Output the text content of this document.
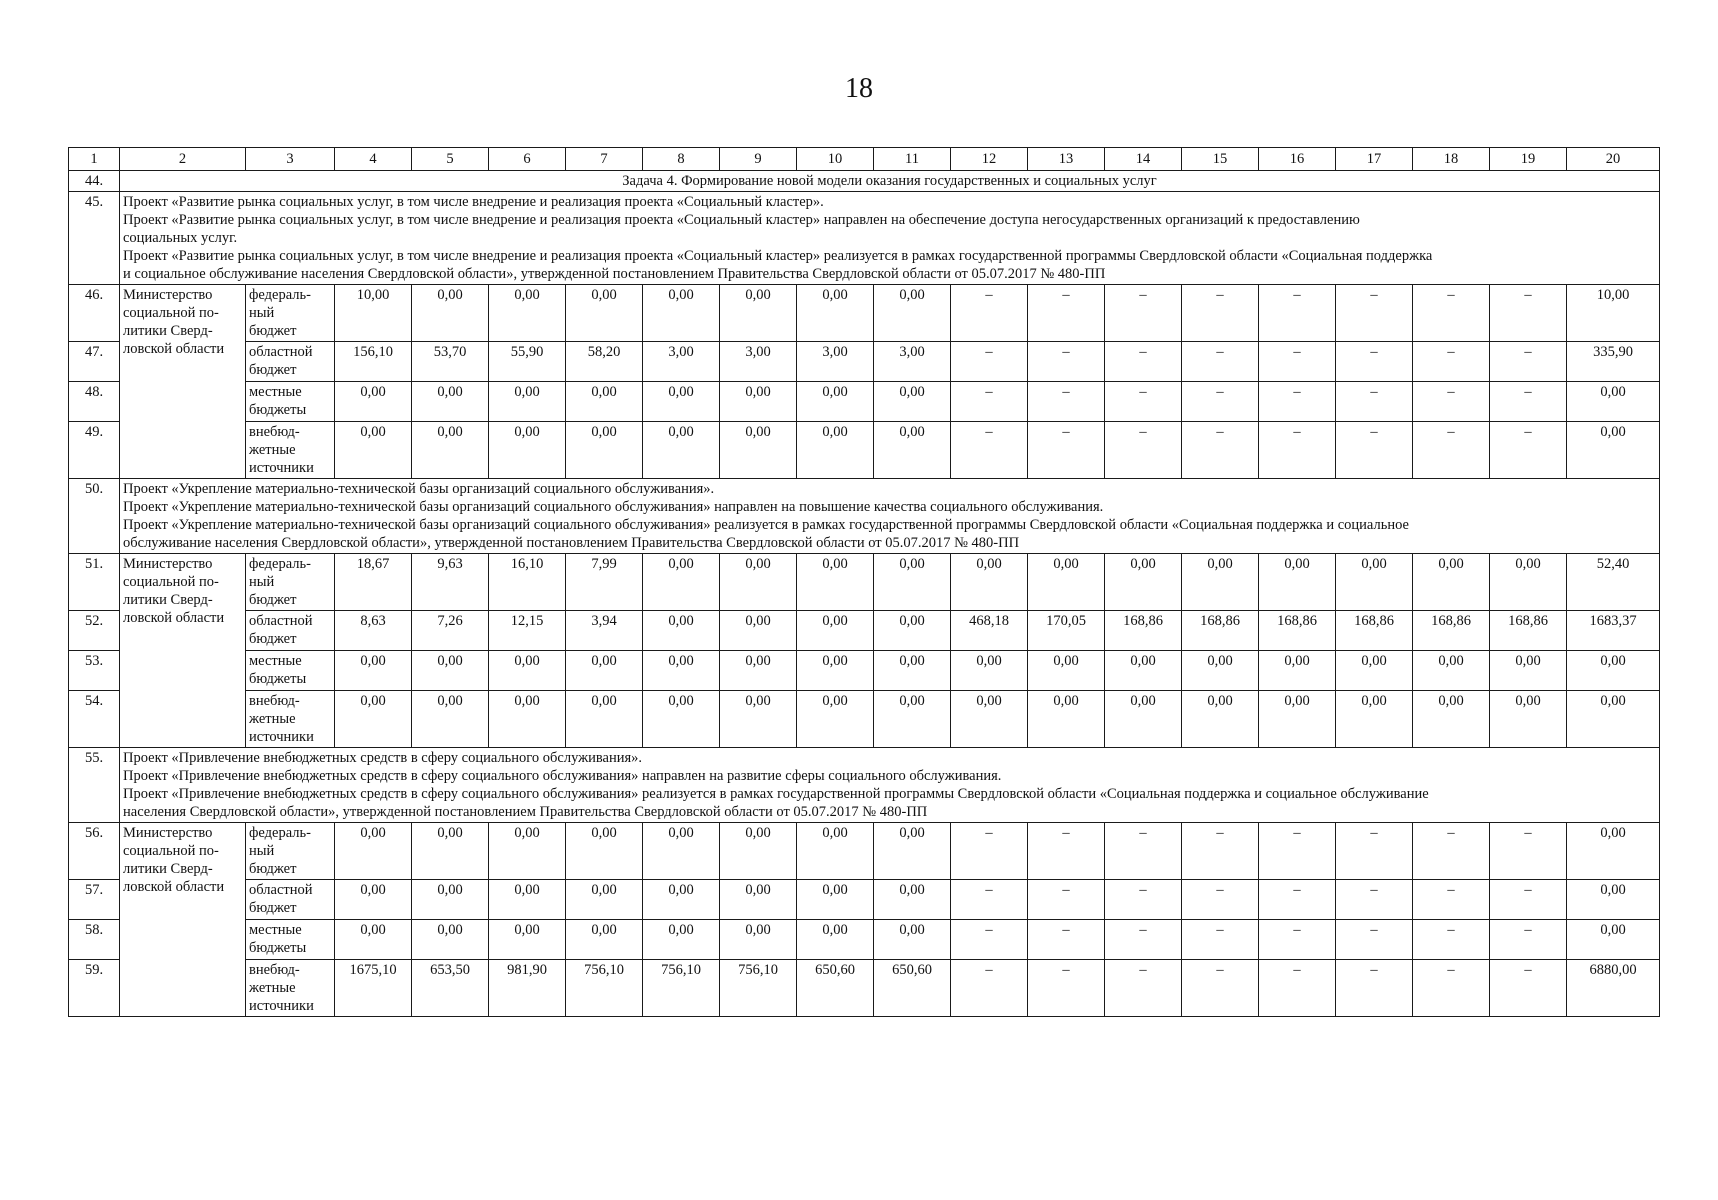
18
1	2	3	4	5	6	7	8	9	10	11	12	13	14	15	16	17	18	19	20
44.	Задача 4. Формирование новой модели оказания государственных и социальных услуг																		
45.	Проект «Развитие рынка социальных услуг, в том числе внедрение и реализация проекта «Социальный кластер».
Проект «Развитие рынка социальных услуг, в том числе внедрение и реализация проекта «Социальный кластер» направлен на обеспечение доступа негосударственных организаций к предоставлению
социальных услуг.
Проект «Развитие рынка социальных услуг, в том числе внедрение и реализация проекта «Социальный кластер» реализуется в рамках государственной программы Свердловской области «Социальная поддержка
и социальное обслуживание населения Свердловской области», утвержденной постановлением Правительства Свердловской области от 05.07.2017 № 480-ПП																		

46.	Министерство
социальной по-
литики Сверд-
ловской области	федераль-
ный
бюджет	10,00	0,00	0,00	0,00	0,00	0,00	0,00	0,00	–	–	–	–	–	–	–	–	10,00
47.		областной
бюджет	156,10	53,70	55,90	58,20	3,00	3,00	3,00	3,00	–	–	–	–	–	–	–	–	335,90
48.		местные
бюджеты	0,00	0,00	0,00	0,00	0,00	0,00	0,00	0,00	–	–	–	–	–	–	–	–	0,00
49.		внебюд-
жетные
источники	0,00	0,00	0,00	0,00	0,00	0,00	0,00	0,00	–	–	–	–	–	–	–	–	0,00
50.	Проект «Укрепление материально-технической базы организаций социального обслуживания».
Проект «Укрепление материально-технической базы организаций социального обслуживания» направлен на повышение качества социального обслуживания.
Проект «Укрепление материально-технической базы организаций социального обслуживания» реализуется в рамках государственной программы Свердловской области «Социальная поддержка и социальное
обслуживание населения Свердловской области», утвержденной постановлением Правительства Свердловской области от 05.07.2017 № 480-ПП																		

51.	Министерство
социальной по-
литики Сверд-
ловской области	федераль-
ный
бюджет	18,67	9,63	16,10	7,99	0,00	0,00	0,00	0,00	0,00	0,00	0,00	0,00	0,00	0,00	0,00	0,00	52,40
52.		областной
бюджет	8,63	7,26	12,15	3,94	0,00	0,00	0,00	0,00	468,18	170,05	168,86	168,86	168,86	168,86	168,86	168,86	1683,37
53.		местные
бюджеты	0,00	0,00	0,00	0,00	0,00	0,00	0,00	0,00	0,00	0,00	0,00	0,00	0,00	0,00	0,00	0,00	0,00
54.		внебюд-
жетные
источники	0,00	0,00	0,00	0,00	0,00	0,00	0,00	0,00	0,00	0,00	0,00	0,00	0,00	0,00	0,00	0,00	0,00
55.	Проект «Привлечение внебюджетных средств в сферу социального обслуживания».
Проект «Привлечение внебюджетных средств в сферу социального обслуживания» направлен на развитие сферы социального обслуживания.
Проект «Привлечение внебюджетных средств в сферу социального обслуживания» реализуется в рамках государственной программы Свердловской области «Социальная поддержка и социальное обслуживание
населения Свердловской области», утвержденной постановлением Правительства Свердловской области от 05.07.2017 № 480-ПП																		

56.	Министерство
социальной по-
литики Сверд-
ловской области	федераль-
ный
бюджет	0,00	0,00	0,00	0,00	0,00	0,00	0,00	0,00	–	–	–	–	–	–	–	–	0,00
57.		областной
бюджет	0,00	0,00	0,00	0,00	0,00	0,00	0,00	0,00	–	–	–	–	–	–	–	–	0,00
58.		местные
бюджеты	0,00	0,00	0,00	0,00	0,00	0,00	0,00	0,00	–	–	–	–	–	–	–	–	0,00
59.		внебюд-
жетные
источники	1675,10	653,50	981,90	756,10	756,10	756,10	650,60	650,60	–	–	–	–	–	–	–	–	6880,00
